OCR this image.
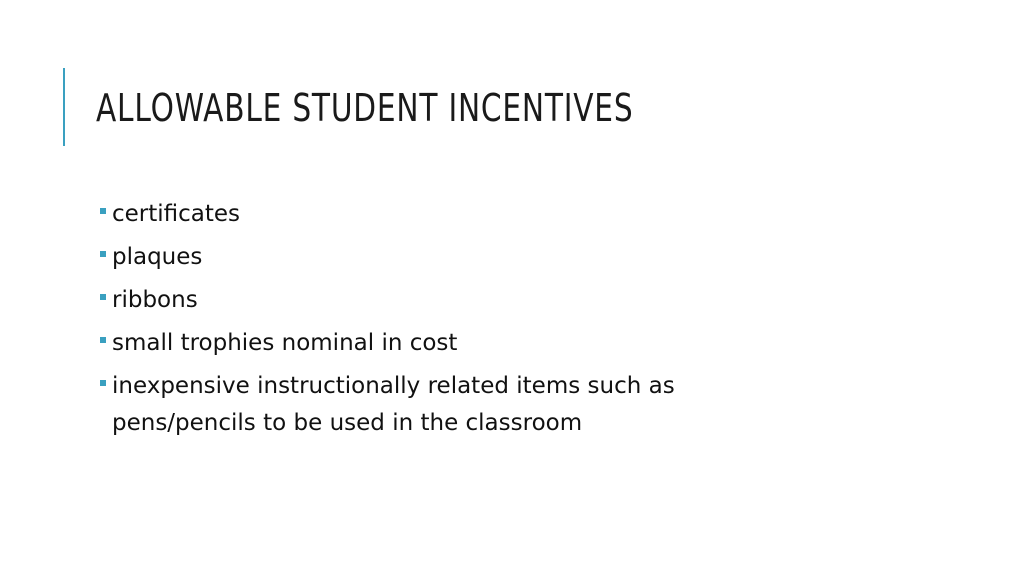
ALLOWABLE STUDENT INCENTIVES
certificates
plaques
ribbons
small trophies nominal in cost
inexpensive instructionally related items such as pens/pencils to be used in the classroom
